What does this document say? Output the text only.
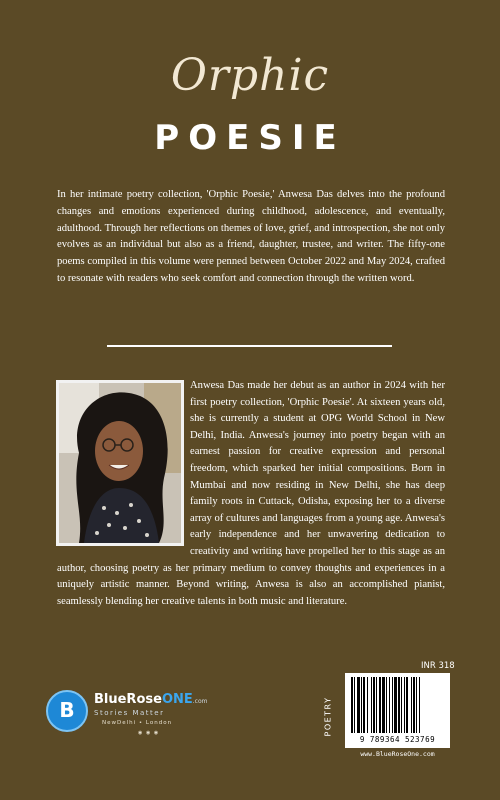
Orphic
POESIE
In her intimate poetry collection, 'Orphic Poesie,' Anwesa Das delves into the profound changes and emotions experienced during childhood, adolescence, and eventually, adulthood. Through her reflections on themes of love, grief, and introspection, she not only evolves as an individual but also as a friend, daughter, trustee, and writer. The fifty-one poems compiled in this volume were penned between October 2022 and May 2024, crafted to resonate with readers who seek comfort and connection through the written word.
Anwesa Das made her debut as an author in 2024 with her first poetry collection, 'Orphic Poesie'. At sixteen years old, she is currently a student at OPG World School in New Delhi, India. Anwesa's journey into poetry began with an earnest passion for creative expression and personal freedom, which sparked her initial compositions. Born in Mumbai and now residing in New Delhi, she has deep family roots in Cuttack, Odisha, exposing her to a diverse array of cultures and languages from a young age. Anwesa's early independence and her unwavering dedication to creativity and writing have propelled her to this stage as an author, choosing poetry as her primary medium to convey thoughts and experiences in a uniquely artistic manner. Beyond writing, Anwesa is also an accomplished pianist, seamlessly blending her creative talents in both music and literature.
B	BlueRoseONE.com
Stories Matter
NewDelhi • London
◉ ◉ ◉
INR 318
POETRY
9 789364 523769
www.BlueRoseOne.com
